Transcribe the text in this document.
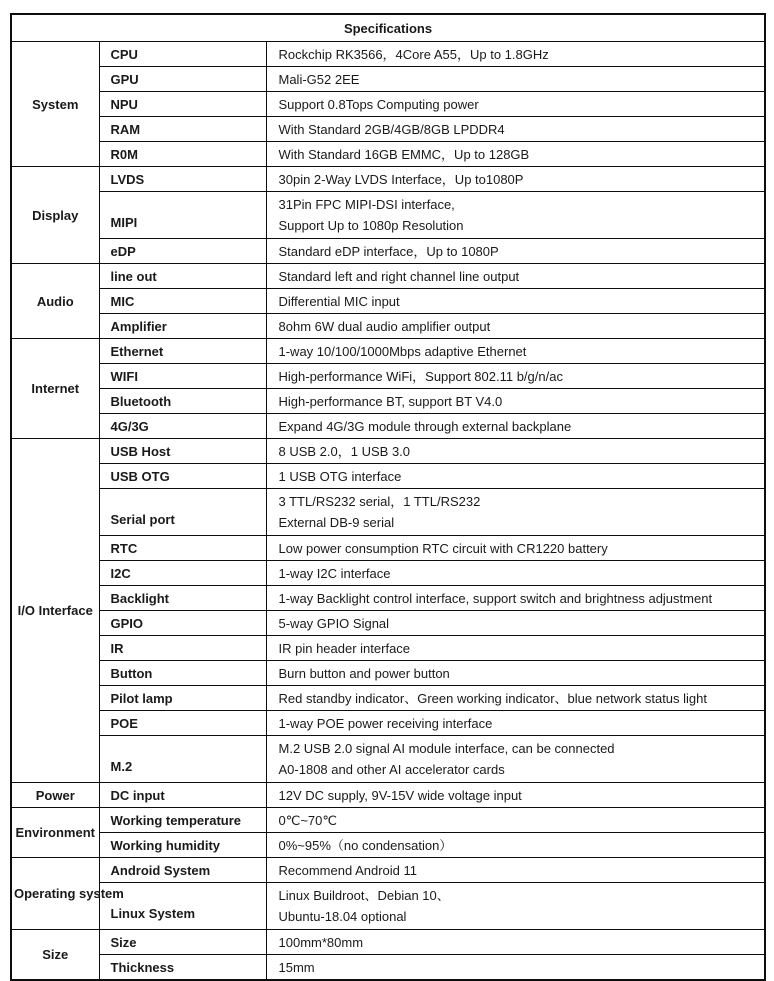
Specifications		
System	CPU	Rockchip RK3566，4Core A55，Up to 1.8GHz

	GPU	Mali-G52 2EE

	NPU	Support 0.8Tops Computing power

	RAM	With Standard 2GB/4GB/8GB LPDDR4

	R0M	With Standard 16GB EMMC，Up to 128GB

Display	LVDS	30pin 2-Way LVDS Interface，Up to1080P

	MIPI	31Pin FPC MIPI-DSI interface,
Support Up to 1080p Resolution

	eDP	Standard eDP interface，Up to 1080P

Audio	line out	Standard left and right channel line output

	MIC	Differential MIC input

	Amplifier	8ohm 6W dual audio amplifier output

Internet	Ethernet	1-way 10/100/1000Mbps adaptive Ethernet

	WIFI	High-performance WiFi，Support 802.11 b/g/n/ac

	Bluetooth	High-performance BT, support BT V4.0

	4G/3G	Expand 4G/3G module through external backplane

I/O Interface	USB Host	8 USB 2.0，1 USB 3.0

	USB OTG	1 USB OTG interface

	Serial port	3 TTL/RS232 serial，1 TTL/RS232
External DB-9 serial

	RTC	Low power consumption RTC circuit with CR1220 battery

	I2C	1-way I2C interface

	Backlight	1-way Backlight control interface, support switch and brightness adjustment

	GPIO	5-way GPIO Signal

	IR	IR pin header interface

	Button	Burn button and power button

	Pilot lamp	Red standby indicator、Green working indicator、blue network status light

	POE	1-way POE power receiving interface

	M.2	M.2 USB 2.0 signal AI module interface, can be connected
A0-1808 and other AI accelerator cards

Power	DC input	12V DC supply, 9V-15V wide voltage input

Environment	Working temperature	0℃~70℃

	Working humidity	0%~95%（no condensation）

Operating system	Android System	Recommend Android 11

	Linux System	Linux Buildroot、Debian 10、
Ubuntu-18.04 optional

Size	Size	100mm*80mm

	Thickness	15mm
